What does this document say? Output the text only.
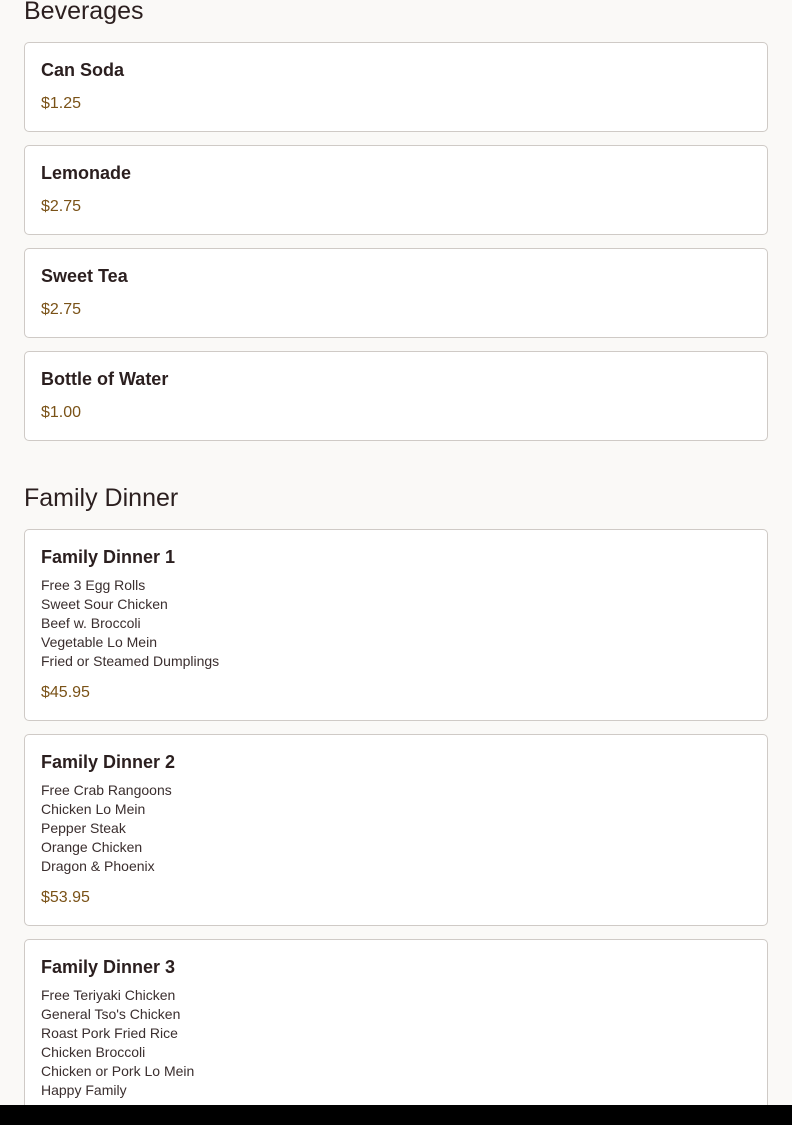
Beverages
Can Soda
$1.25
Lemonade
$2.75
Sweet Tea
$2.75
Bottle of Water
$1.00
Family Dinner
Family Dinner 1
Free 3 Egg Rolls
Sweet Sour Chicken
Beef w. Broccoli
Vegetable Lo Mein
Fried or Steamed Dumplings
$45.95
Family Dinner 2
Free Crab Rangoons
Chicken Lo Mein
Pepper Steak
Orange Chicken
Dragon & Phoenix
$53.95
Family Dinner 3
Free Teriyaki Chicken
General Tso's Chicken
Roast Pork Fried Rice
Chicken Broccoli
Chicken or Pork Lo Mein
Happy Family
